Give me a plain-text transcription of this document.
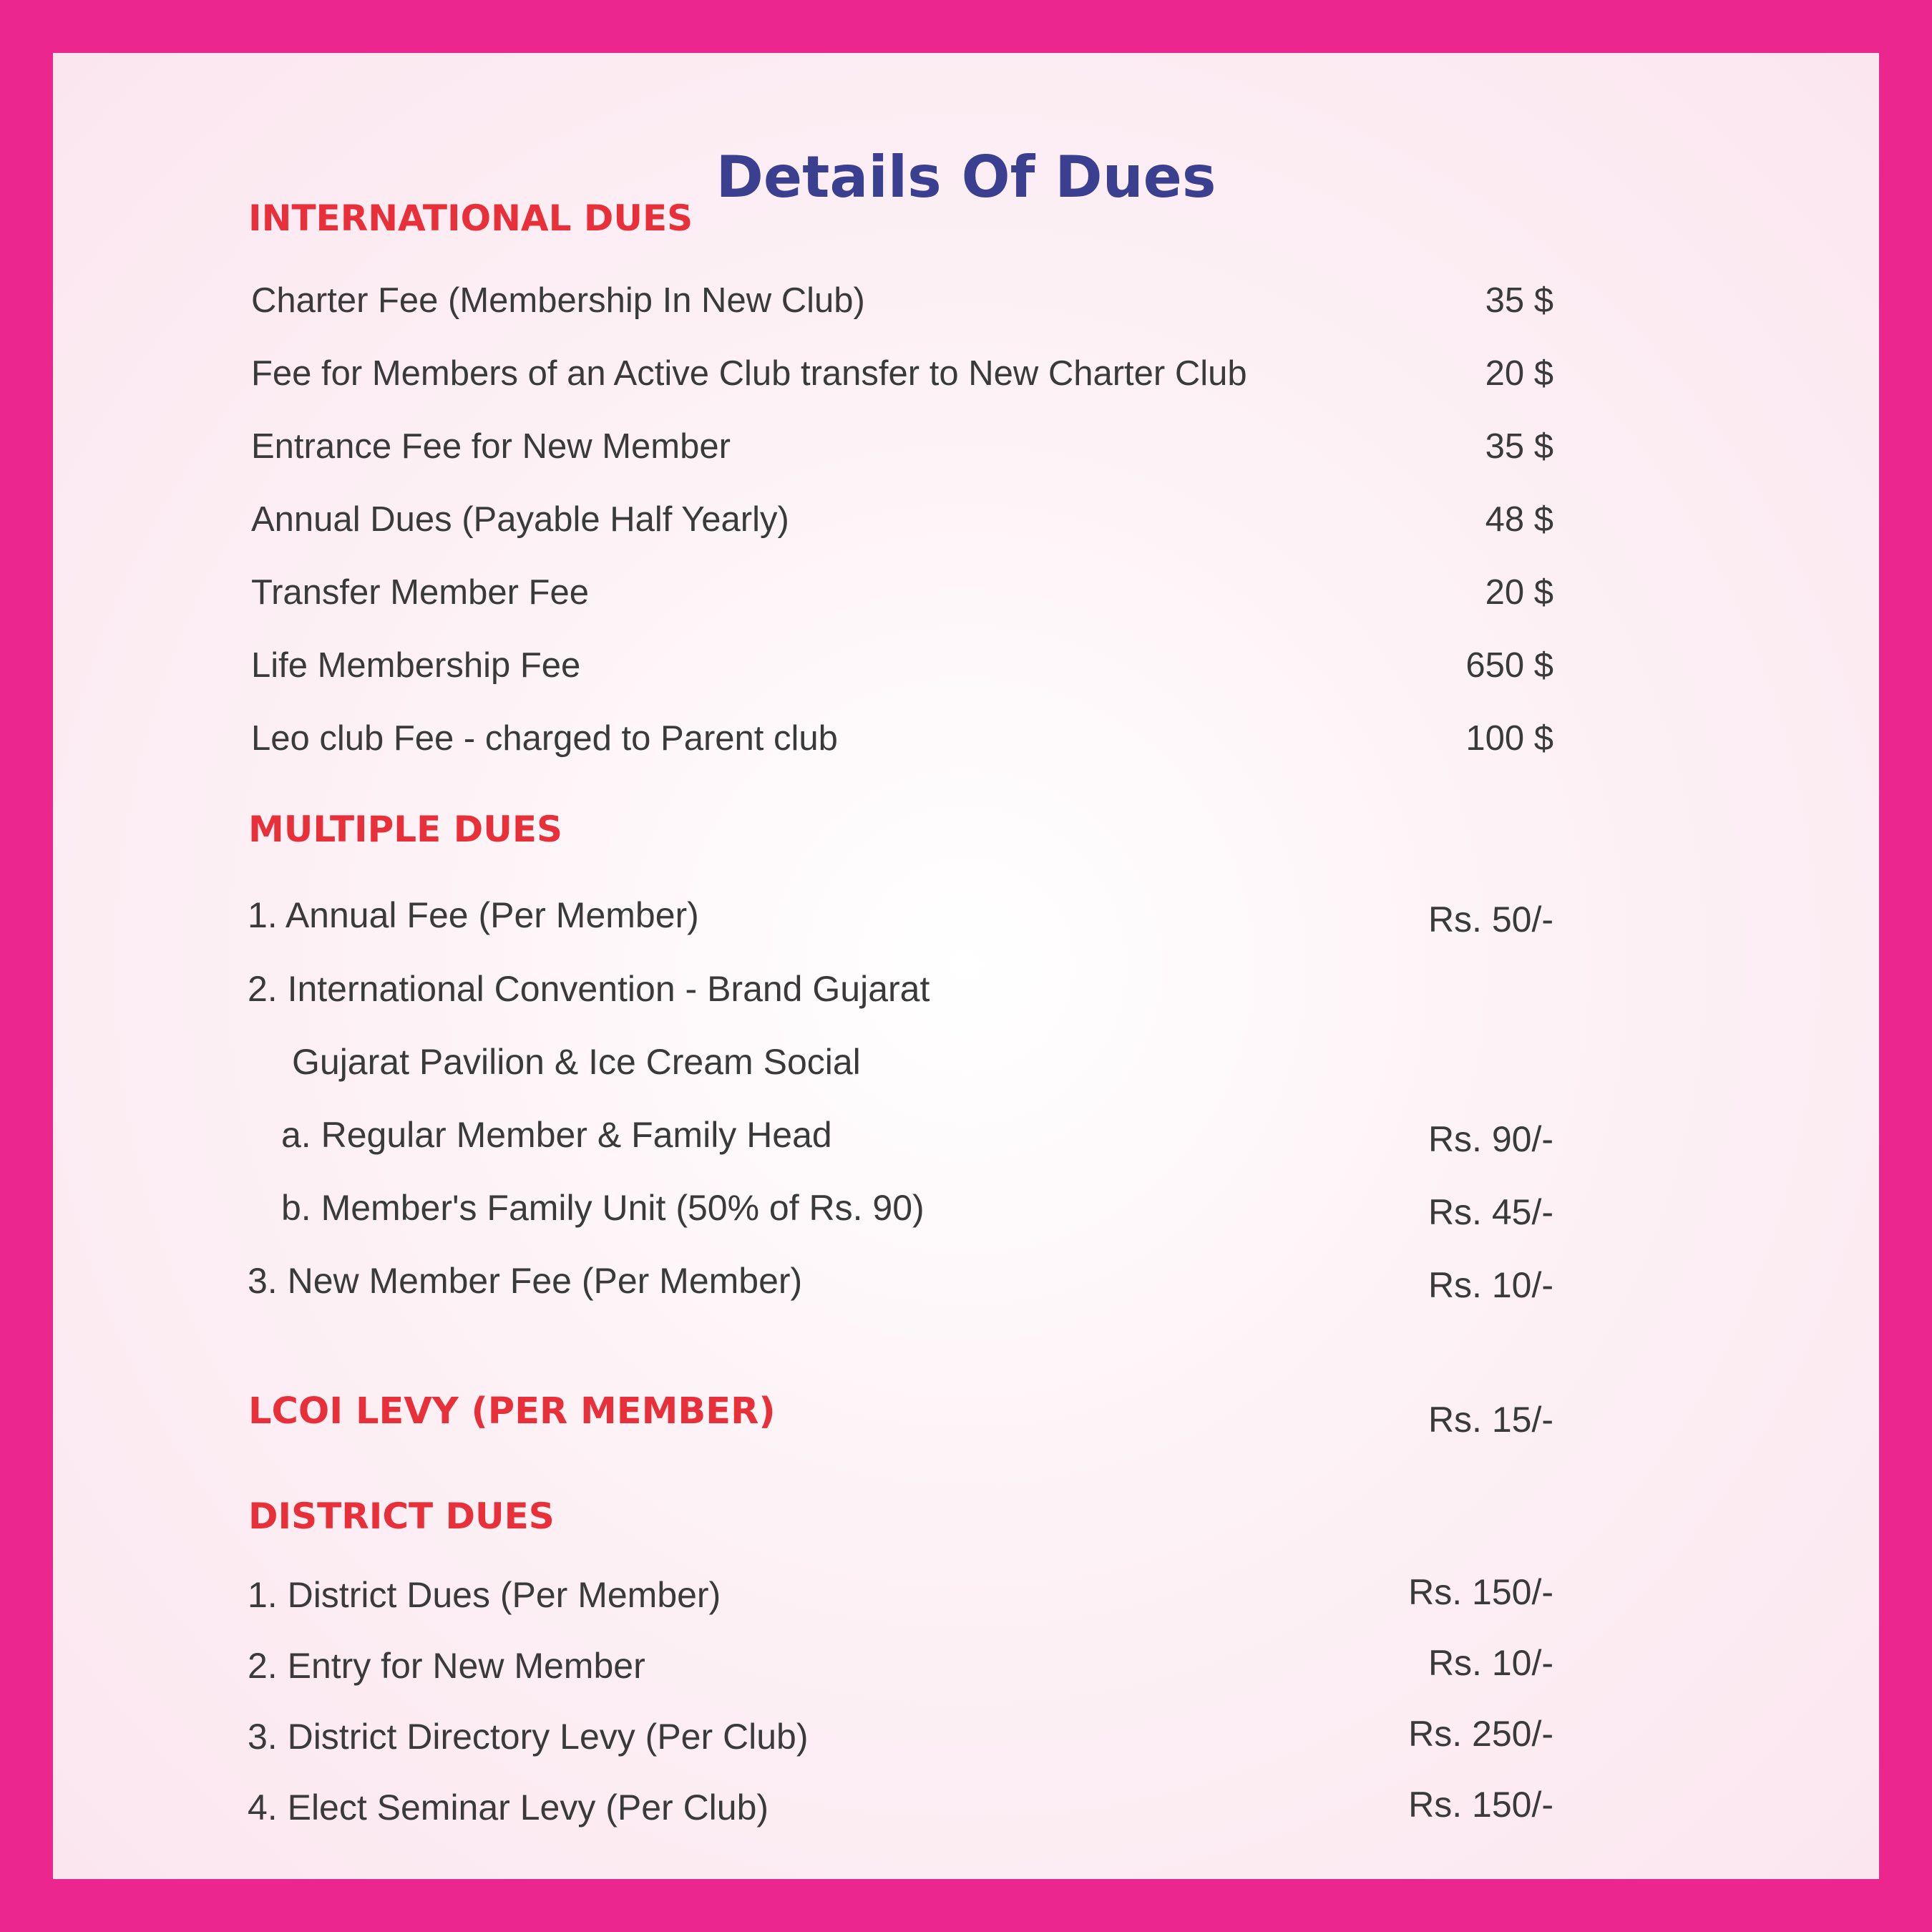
Details Of Dues
INTERNATIONAL DUES
Charter Fee (Membership In New Club)	35 $
Fee for Members of an Active Club transfer to New Charter Club	20 $
Entrance Fee for New Member	35 $
Annual Dues (Payable Half Yearly)	48 $
Transfer Member Fee	20 $
Life Membership Fee	650 $
Leo club Fee - charged to Parent club	100 $
MULTIPLE DUES
1. Annual Fee (Per Member)	Rs. 50/-
2. International Convention - Brand Gujarat
Gujarat Pavilion & Ice Cream Social
a. Regular Member & Family Head	Rs. 90/-
b. Member's Family Unit (50% of Rs. 90)	Rs. 45/-
3. New Member Fee (Per Member)	Rs. 10/-
LCOI LEVY (PER MEMBER)	Rs. 15/-
DISTRICT DUES
1. District Dues (Per Member)	Rs. 150/-
2. Entry for New Member	Rs. 10/-
3. District Directory Levy (Per Club)	Rs. 250/-
4. Elect Seminar Levy (Per Club)	Rs. 150/-
